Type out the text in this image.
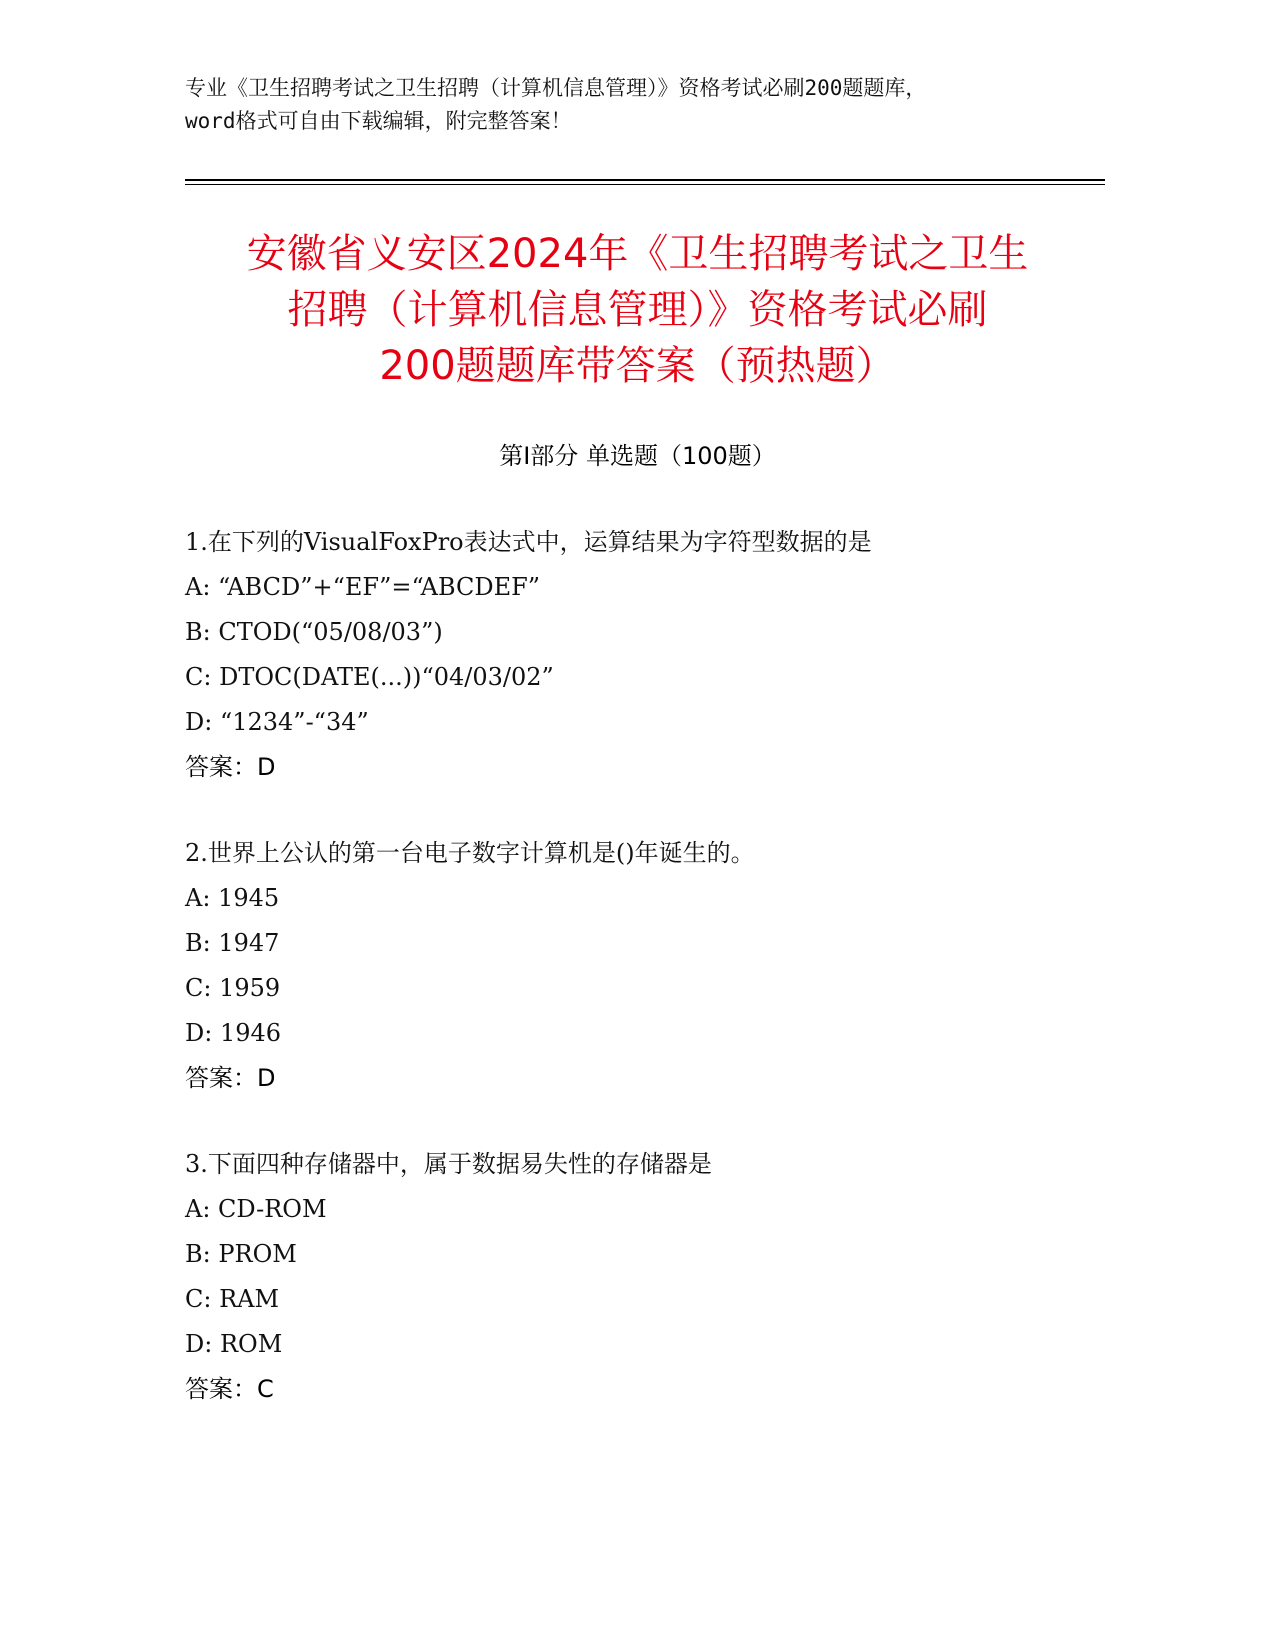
专业《卫生招聘考试之卫生招聘（计算机信息管理）》资格考试必刷200题题库，
word格式可自由下载编辑，附完整答案！
安徽省义安区2024年《卫生招聘考试之卫生
招聘（计算机信息管理）》资格考试必刷
200题题库带答案（预热题）
第Ⅰ部分 单选题（100题）
1.在下列的VisualFoxPro表达式中，运算结果为字符型数据的是
A: “ABCD”+“EF”=“ABCDEF”
B: CTOD(“05/08/03”)
C: DTOC(DATE(...))“04/03/02”
D: “1234”-“34”
答案：D
2.世界上公认的第一台电子数字计算机是()年诞生的。
A: 1945
B: 1947
C: 1959
D: 1946
答案：D
3.下面四种存储器中，属于数据易失性的存储器是
A: CD-ROM
B: PROM
C: RAM
D: ROM
答案：C
